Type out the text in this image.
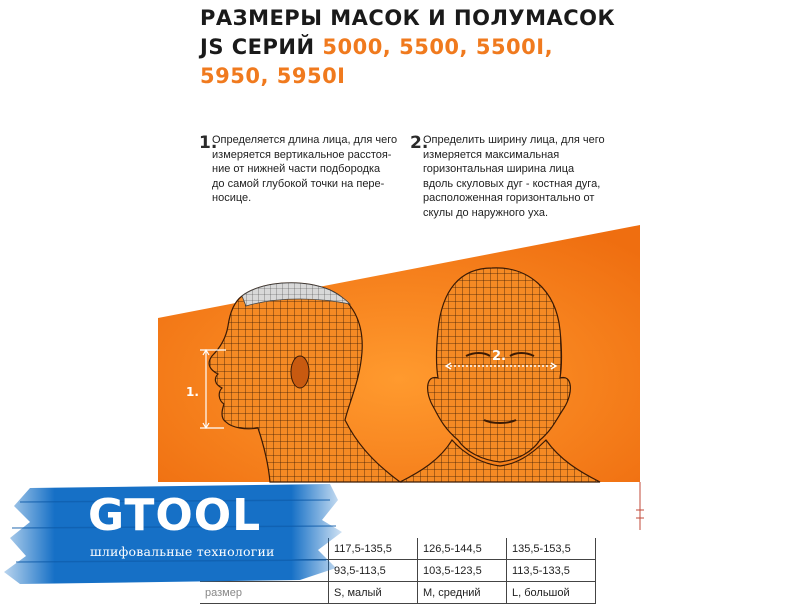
РАЗМЕРЫ МАСОК И ПОЛУМАСОК
JS СЕРИЙ 5000, 5500, 5500I,
5950, 5950I
1.
Определяется длина лица, для чего
измеряется вертикальное расстоя-
ние от нижней части подбородка
до самой глубокой точки на пере-
носице.
2.
Определить ширину лица, для чего
измеряется максимальная
горизонтальная ширина лица
вдоль скуловых дуг - костная дуга,
расположенная горизонтально от
скулы до наружного уха.
1.
2.
	117,5-135,5	126,5-144,5	135,5-153,5
	93,5-113,5	103,5-123,5	113,5-133,5
размер	S, малый	M, средний	L, большой
GTOOL
шлифовальные технологии
